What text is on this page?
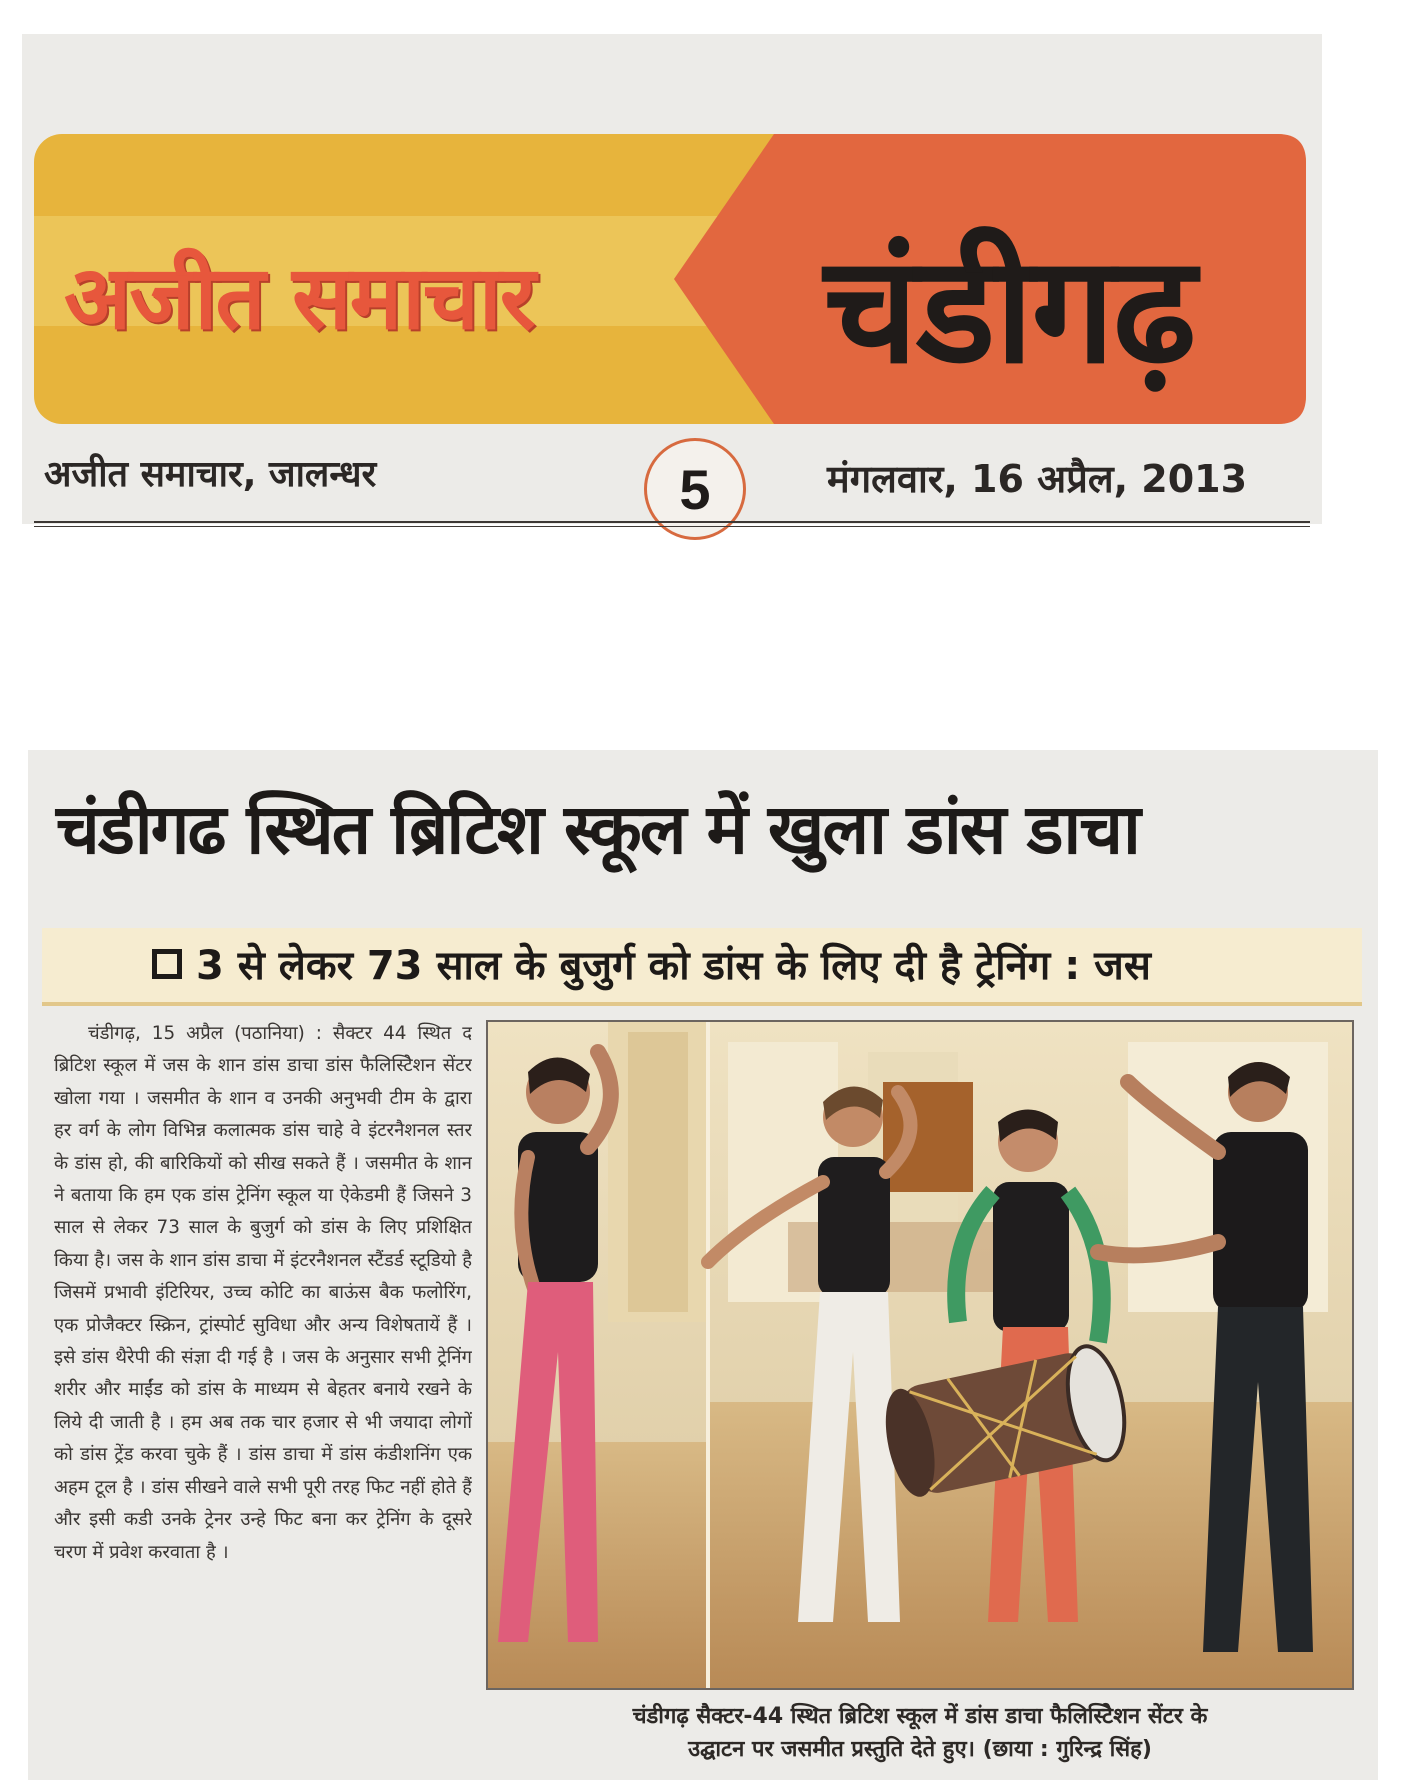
अजीत समाचार चंडीगढ़
अजीत समाचार, जालन्धर	5	मंगलवार, 16 अप्रैल, 2013
चंडीगढ स्थित ब्रिटिश स्कूल में खुला डांस डाचा
3 से लेकर 73 साल के बुजुर्ग को डांस के लिए दी है ट्रेनिंग : जस

चंडीगढ़, 15 अप्रैल (पठानिया) : सैक्टर 44 स्थित द ब्रिटिश स्कूल में जस के शान डांस डाचा डांस फैलिस्टिेशन सेंटर खोला गया । जसमीत के शान व उनकी अनुभवी टीम के द्वारा हर वर्ग के लोग विभिन्न कलात्मक डांस चाहे वे इंटरनैशनल स्तर के डांस हो, की बारिकियों को सीख सकते हैं । जसमीत के शान ने बताया कि हम एक डांस ट्रेनिंग स्कूल या ऐकेडमी हैं जिसने 3 साल से लेकर 73 साल के बुजुर्ग को डांस के लिए प्रशिक्षित किया है। जस के शान डांस डाचा में इंटरनैशनल स्टैंडर्ड स्टूडियो है जिसमें प्रभावी इंटिरियर, उच्च कोटि का बाऊंस बैक फलोरिंग, एक प्रोजैक्टर स्क्रिन, ट्रांस्पोर्ट सुविधा और अन्य विशेषतायें हैं । इसे डांस थैरेपी की संज्ञा दी गई है । जस के अनुसार सभी ट्रेनिंग शरीर और माईंड को डांस के माध्यम से बेहतर बनाये रखने के लिये दी जाती है । हम अब तक चार हजार से भी जयादा लोगों को डांस ट्रेंड करवा चुके हैं । डांस डाचा में डांस कंडीशनिंग एक अहम टूल है । डांस सीखने वाले सभी पूरी तरह फिट नहीं होते हैं और इसी कडी उनके ट्रेनर उन्हे फिट बना कर ट्रेनिंग के दूसरे चरण में प्रवेश करवाता है ।

चंडीगढ़ सैक्टर-44 स्थित ब्रिटिश स्कूल में डांस डाचा फैलिस्टिेशन सेंटर के
उद्घाटन पर जसमीत प्रस्तुति देते हुए। (छाया : गुरिन्द्र सिंह)
